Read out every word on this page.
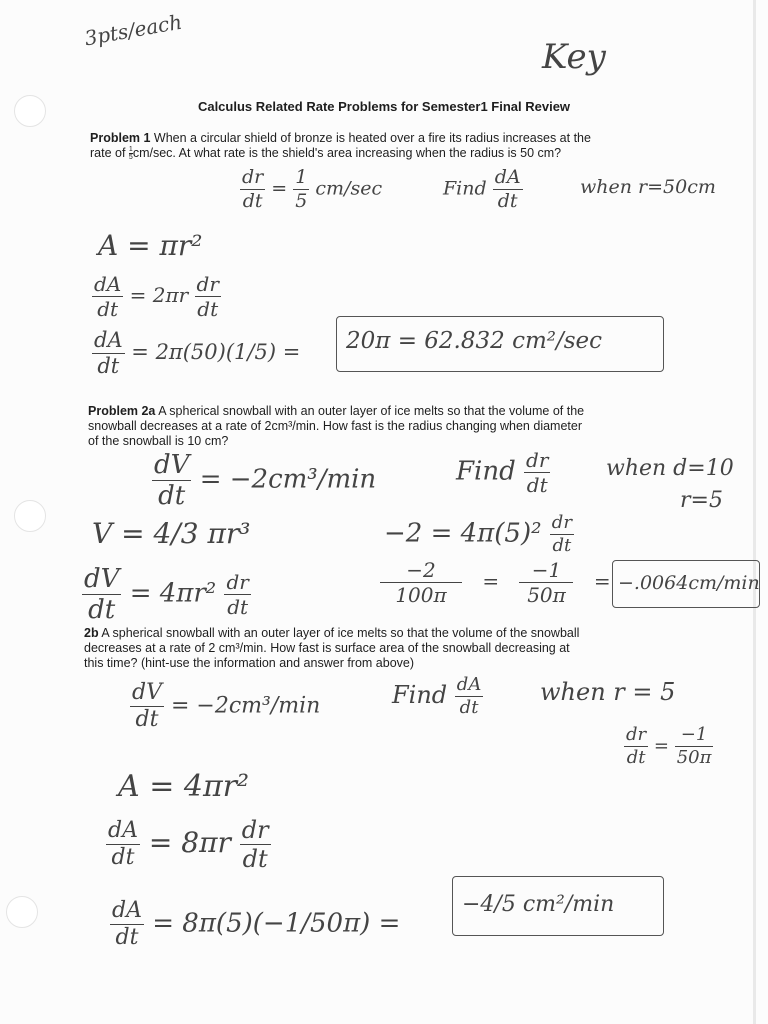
3pts/each
Key
Calculus Related Rate Problems for Semester1 Final Review
Problem 1 When a circular shield of bronze is heated over a fire its radius increases at the
rate of $\frac{1}{5} cm/\sec$. At what rate is the shield's area increasing when the radius is 50 cm?
$\frac{dr}{dt} = \frac{1}{5} cm/\sec$	Find $\frac{dA}{dt}$	when r=50cm
A = πr²
$\frac{dA}{dt} = 2\pi r \frac{dr}{dt}$
$\frac{dA}{dt} = 2\pi(50)(1/5) = 20\pi = 62.832$ cm²/sec
Problem 2a A spherical snowball with an outer layer of ice melts so that the volume of the
snowball decreases at a rate of 2cm³/min. How fast is the radius changing when diameter
of the snowball is 10 cm?
$\frac{dV}{dt} = -2cm^3/\min$	Find $\frac{dr}{dt}$	when d=10
r=5
V = 4/3 πr³	$-2 = 4\pi(5)^2 \frac{dr}{dt}$
$\frac{dV}{dt} = 4\pi r^2 \frac{dr}{dt}$	$\frac{-2}{100\pi} = \frac{-1}{50\pi} = -.0064cm/\min$
2b A spherical snowball with an outer layer of ice melts so that the volume of the snowball
decreases at a rate of 2 cm³/min. How fast is surface area of the snowball decreasing at
this time? (hint-use the information and answer from above)
$\frac{dV}{dt} = -2cm^3/\min$	Find $\frac{dA}{dt}$ when r = 5
$\frac{dr}{dt} = \frac{-1}{50\pi}$
A = 4πr²
$\frac{dA}{dt} = 8\pi r \frac{dr}{dt}$
$\frac{dA}{dt} = 8\pi(5)(-1/50\pi)$ =
−4/5 cm²/min
